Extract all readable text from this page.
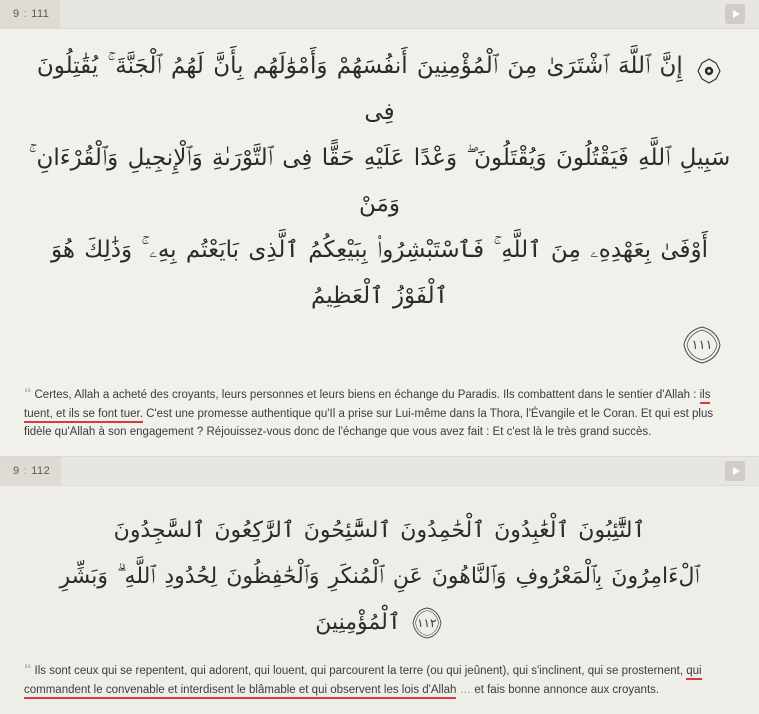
9 : 111
إِنَّ ٱللَّهَ ٱشْتَرَىٰ مِنَ ٱلْمُؤْمِنِينَ أَنفُسَهُمْ وَأَمْوَٰلَهُم بِأَنَّ لَهُمُ ٱلْجَنَّةَ ۚ يُقَٰتِلُونَ فِى
سَبِيلِ ٱللَّهِ فَيَقْتُلُونَ وَيُقْتَلُونَ ۖ وَعْدًا عَلَيْهِ حَقًّا فِى ٱلتَّوْرَىٰةِ وَٱلْإِنجِيلِ وَٱلْقُرْءَانِ ۚ وَمَنْ
أَوْفَىٰ بِعَهْدِهِۦ مِنَ ٱللَّهِ ۚ فَٱسْتَبْشِرُوا۟ بِبَيْعِكُمُ ٱلَّذِى بَايَعْتُم بِهِۦ ۚ وَذَٰلِكَ هُوَ ٱلْفَوْزُ ٱلْعَظِيمُ
١١١
“ Certes, Allah a acheté des croyants, leurs personnes et leurs biens en échange du Paradis. Ils combattent dans le sentier d'Allah : ils tuent, et ils se font tuer. C'est une promesse authentique qu'Il a prise sur Lui-même dans la Thora, l'Évangile et le Coran. Et qui est plus fidèle qu'Allah à son engagement ? Réjouissez-vous donc de l'échange que vous avez fait : Et c'est là le très grand succès.
9 : 112
ٱلتَّٰٓئِبُونَ ٱلْعَٰبِدُونَ ٱلْحَٰمِدُونَ ٱلسَّٰٓئِحُونَ ٱلرَّٰكِعُونَ ٱلسَّٰجِدُونَ
ٱلْءَامِرُونَ بِٱلْمَعْرُوفِ وَٱلنَّاهُونَ عَنِ ٱلْمُنكَرِ وَٱلْحَٰفِظُونَ لِحُدُودِ ٱللَّهِ ۗ وَبَشِّرِ
١١٢ ٱلْمُؤْمِنِينَ
“ Ils sont ceux qui se repentent, qui adorent, qui louent, qui parcourent la terre (ou qui jeûnent), qui s'inclinent, qui se prosternent, qui commandent le convenable et interdisent le blâmable et qui observent les lois d'Allah … et fais bonne annonce aux croyants.
